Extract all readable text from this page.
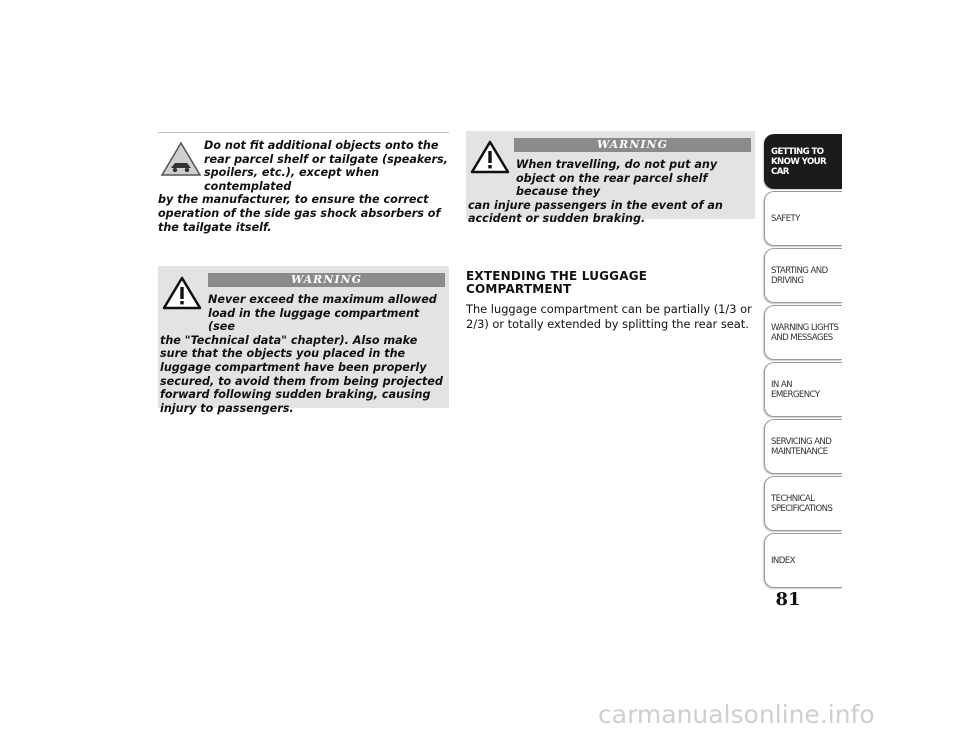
Do not fit additional objects onto the rear parcel shelf or tailgate (speakers, spoilers, etc.), except when contemplated
by the manufacturer, to ensure the correct operation of the side gas shock absorbers of the tailgate itself.

WARNING

Never exceed the maximum allowed load in the luggage compartment (see
the "Technical data" chapter). Also make sure that the objects you placed in the luggage compartment have been properly secured, to avoid them from being projected forward following sudden braking, causing injury to passengers.

WARNING

When travelling, do not put any object on the rear parcel shelf because they
can injure passengers in the event of an accident or sudden braking.

EXTENDING THE LUGGAGE COMPARTMENT

The luggage compartment can be partially (1/3 or 2/3) or totally extended by splitting the rear seat.

GETTING TO
KNOW YOUR CAR
SAFETY
STARTING AND
DRIVING
WARNING LIGHTS
AND MESSAGES
IN AN EMERGENCY
SERVICING AND
MAINTENANCE
TECHNICAL
SPECIFICATIONS
INDEX
81
carmanualsonline.info
